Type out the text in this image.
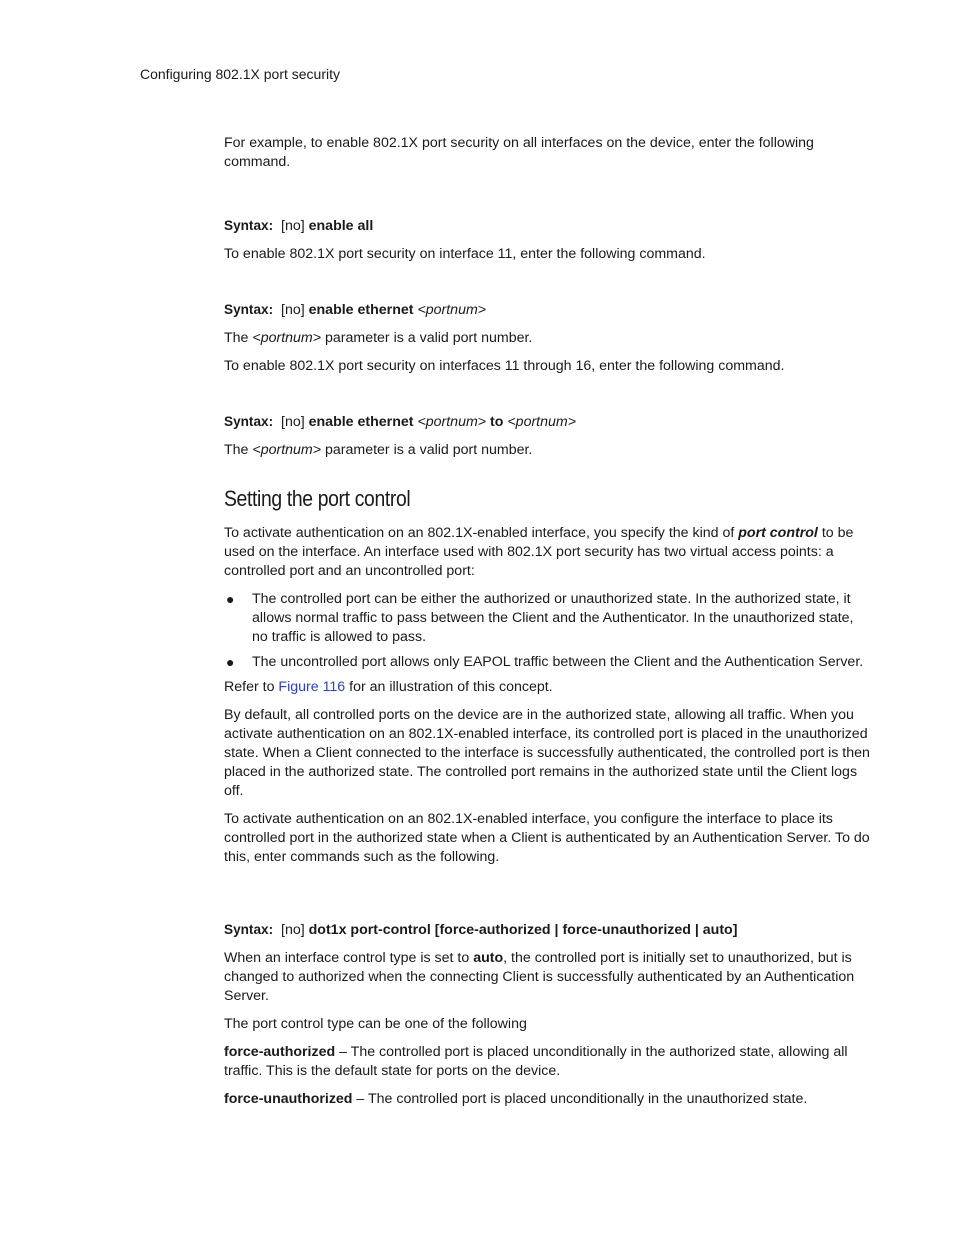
Configuring 802.1X port security

For example, to enable 802.1X port security on all interfaces on the device, enter the following command.

Syntax: [no] enable all

To enable 802.1X port security on interface 11, enter the following command.

Syntax: [no] enable ethernet <portnum>

The <portnum> parameter is a valid port number.

To enable 802.1X port security on interfaces 11 through 16, enter the following command.

Syntax: [no] enable ethernet <portnum> to <portnum>

The <portnum> parameter is a valid port number.

Setting the port control

To activate authentication on an 802.1X-enabled interface, you specify the kind of port control to be used on the interface. An interface used with 802.1X port security has two virtual access points: a controlled port and an uncontrolled port:

● The controlled port can be either the authorized or unauthorized state. In the authorized state, it allows normal traffic to pass between the Client and the Authenticator. In the unauthorized state, no traffic is allowed to pass.
● The uncontrolled port allows only EAPOL traffic between the Client and the Authentication Server.

Refer to Figure 116 for an illustration of this concept.

By default, all controlled ports on the device are in the authorized state, allowing all traffic. When you activate authentication on an 802.1X-enabled interface, its controlled port is placed in the unauthorized state. When a Client connected to the interface is successfully authenticated, the controlled port is then placed in the authorized state. The controlled port remains in the authorized state until the Client logs off.

To activate authentication on an 802.1X-enabled interface, you configure the interface to place its controlled port in the authorized state when a Client is authenticated by an Authentication Server. To do this, enter commands such as the following.

Syntax: [no] dot1x port-control [force-authorized | force-unauthorized | auto]

When an interface control type is set to auto, the controlled port is initially set to unauthorized, but is changed to authorized when the connecting Client is successfully authenticated by an Authentication Server.

The port control type can be one of the following

force-authorized – The controlled port is placed unconditionally in the authorized state, allowing all traffic. This is the default state for ports on the device.

force-unauthorized – The controlled port is placed unconditionally in the unauthorized state.
